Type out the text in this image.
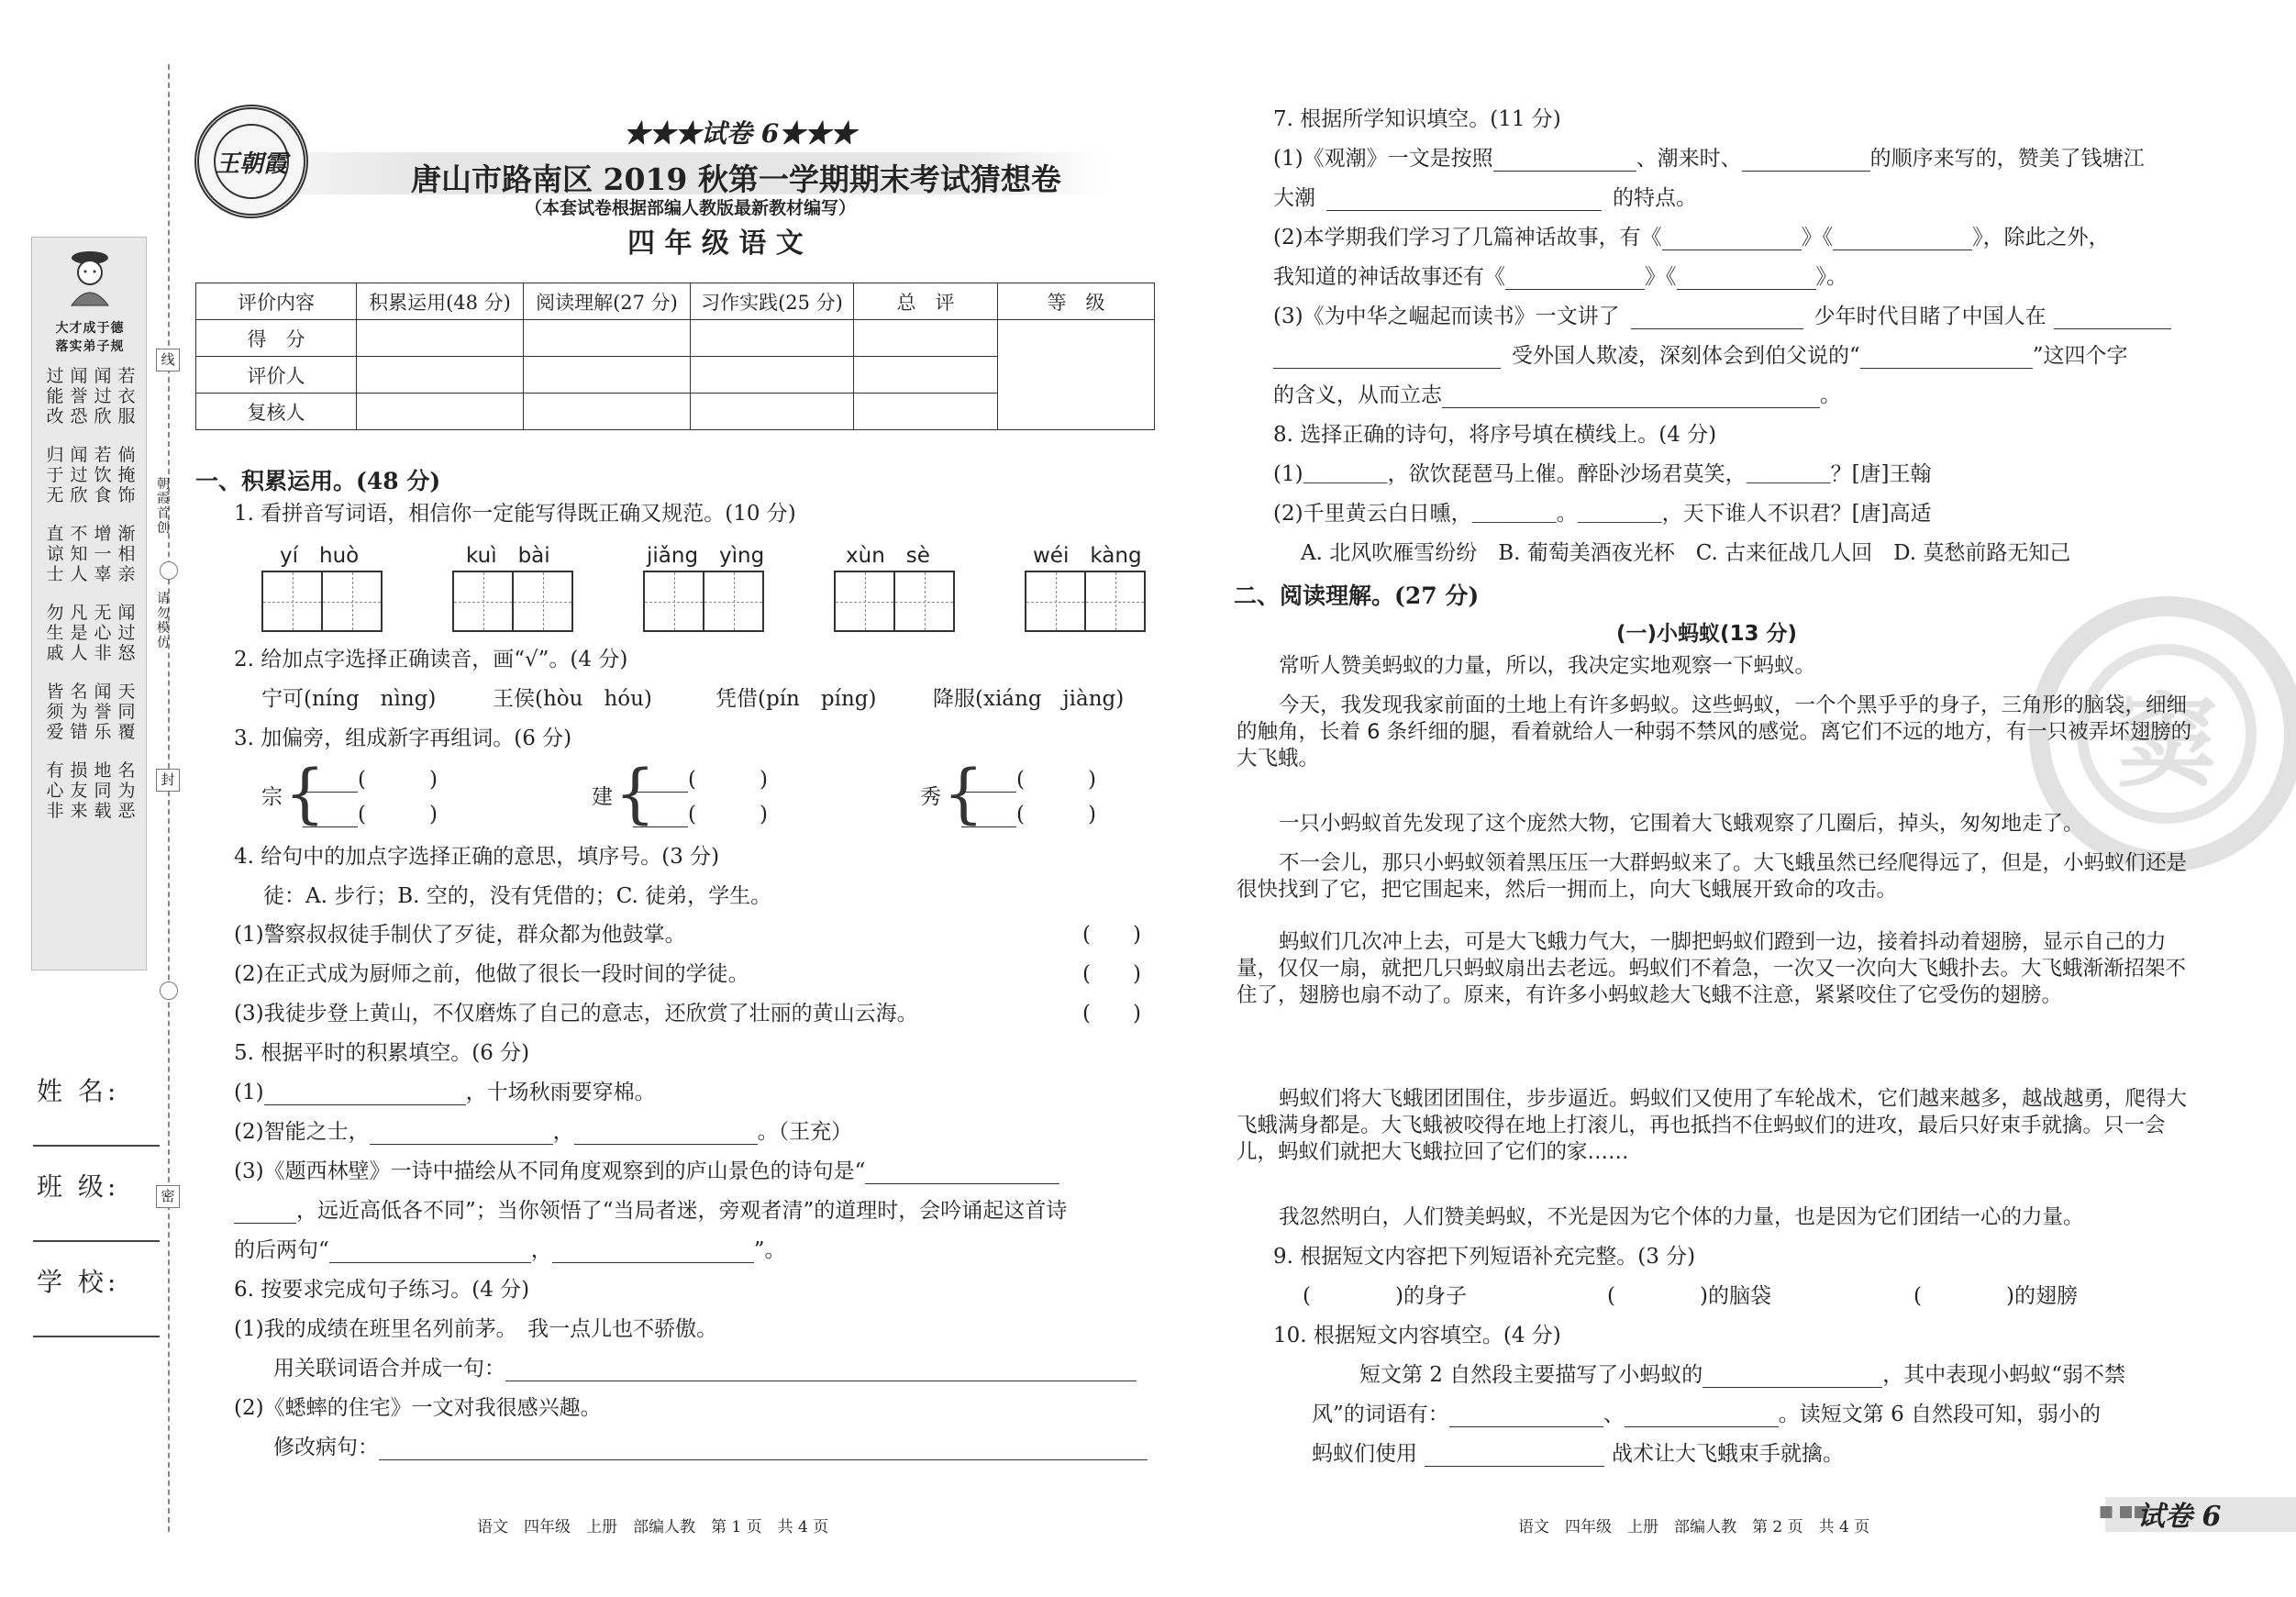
大才成于德
落实弟子规
过能改
闻誉恐
闻过欣
若衣服
归于无
闻过欣
若饮食
倘掩饰
直谅士
不知人
增一辜
渐相亲
勿生戚
凡是人
无心非
闻过怒
皆须爱
名为错
闻誉乐
天同覆
有心非
损友来
地同载
名为恶
线
朝霞首创
请勿模仿
封
密
姓 名:
班 级:
学 校:
王朝霞
★★★试卷 6★★★
唐山市路南区 2019 秋第一学期期末考试猜想卷
（本套试卷根据部编人教版最新教材编写）
四 年 级 语 文
评价内容	积累运用(48 分)	阅读理解(27 分)	习作实践(25 分)	总　评	等　级
得　分					
评价人					
复核人					
一、积累运用。(48 分)
1. 看拼音写词语，相信你一定能写得既正确又规范。(10 分)
yí　huò	kuì　bài	jiǎng　yìng	xùn　sè	wéi　kàng
2. 给加点字选择正确读音，画“√”。(4 分)
宁可(níng　nìng)	王侯(hòu　hóu)	凭借(pín　píng)	降服(xiáng　jiàng)
3. 加偏旁，组成新字再组词。(6 分)
宗 {	(　　　)
(　　　)
建 {	(　　　)
(　　　)
秀 {	(　　　)
(　　　)
4. 给句中的加点字选择正确的意思，填序号。(3 分)
徒：A. 步行；B. 空的，没有凭借的；C. 徒弟，学生。
(1)警察叔叔徒手制伏了歹徒，群众都为他鼓掌。	(　　)
(2)在正式成为厨师之前，他做了很长一段时间的学徒。	(　　)
(3)我徒步登上黄山，不仅磨炼了自己的意志，还欣赏了壮丽的黄山云海。	(　　)
5. 根据平时的积累填空。(6 分)
(1)	，十场秋雨要穿棉。
(2)智能之士，	，	。（王充）
(3)《题西林壁》一诗中描绘从不同角度观察到的庐山景色的诗句是“
，远近高低各不同”；当你领悟了“当局者迷，旁观者清”的道理时，会吟诵起这首诗
的后两句“	，	”。
6. 按要求完成句子练习。(4 分)
(1)我的成绩在班里名列前茅。　我一点儿也不骄傲。
用关联词语合并成一句：
(2)《蟋蟀的住宅》一文对我很感兴趣。
修改病句：
语文　四年级　上册　部编人教　第 1 页　共 4 页
窦
7. 根据所学知识填空。(11 分)
(1)《观潮》一文是按照	、潮来时、	的顺序来写的，赞美了钱塘江
大潮	的特点。
(2)本学期我们学习了几篇神话故事，有《	》《	》，除此之外，
我知道的神话故事还有《	》《	》。
(3)《为中华之崛起而读书》一文讲了	少年时代目睹了中国人在
受外国人欺凌，深刻体会到伯父说的“	”这四个字
的含义，从而立志	。
8. 选择正确的诗句，将序号填在横线上。(4 分)
(1)＿＿＿＿，欲饮琵琶马上催。醉卧沙场君莫笑，＿＿＿＿？[唐]王翰
(2)千里黄云白日曛，＿＿＿＿。＿＿＿＿，天下谁人不识君？[唐]高适
A. 北风吹雁雪纷纷　B. 葡萄美酒夜光杯　C. 古来征战几人回　D. 莫愁前路无知己
二、阅读理解。(27 分)
(一)小蚂蚁(13 分)
常听人赞美蚂蚁的力量，所以，我决定实地观察一下蚂蚁。
今天，我发现我家前面的土地上有许多蚂蚁。这些蚂蚁，一个个黑乎乎的身子，三角形的脑袋，细细的触角，长着 6 条纤细的腿，看着就给人一种弱不禁风的感觉。离它们不远的地方，有一只被弄坏翅膀的大飞蛾。
一只小蚂蚁首先发现了这个庞然大物，它围着大飞蛾观察了几圈后，掉头，匆匆地走了。
不一会儿，那只小蚂蚁领着黑压压一大群蚂蚁来了。大飞蛾虽然已经爬得远了，但是，小蚂蚁们还是很快找到了它，把它围起来，然后一拥而上，向大飞蛾展开致命的攻击。
蚂蚁们几次冲上去，可是大飞蛾力气大，一脚把蚂蚁们蹬到一边，接着抖动着翅膀，显示自己的力量，仅仅一扇，就把几只蚂蚁扇出去老远。蚂蚁们不着急，一次又一次向大飞蛾扑去。大飞蛾渐渐招架不住了，翅膀也扇不动了。原来，有许多小蚂蚁趁大飞蛾不注意，紧紧咬住了它受伤的翅膀。
蚂蚁们将大飞蛾团团围住，步步逼近。蚂蚁们又使用了车轮战术，它们越来越多，越战越勇，爬得大飞蛾满身都是。大飞蛾被咬得在地上打滚儿，再也抵挡不住蚂蚁们的进攻，最后只好束手就擒。只一会儿，蚂蚁们就把大飞蛾拉回了它们的家……
我忽然明白，人们赞美蚂蚁，不光是因为它个体的力量，也是因为它们团结一心的力量。
9. 根据短文内容把下列短语补充完整。(3 分)
(　　　　)的身子	(　　　　)的脑袋	(　　　　)的翅膀
10. 根据短文内容填空。(4 分)
短文第 2 自然段主要描写了小蚂蚁的	，其中表现小蚂蚁“弱不禁
风”的词语有：	、	。读短文第 6 自然段可知，弱小的
蚂蚁们使用	战术让大飞蛾束手就擒。
语文　四年级　上册　部编人教　第 2 页　共 4 页
■ ■■
试卷 6
